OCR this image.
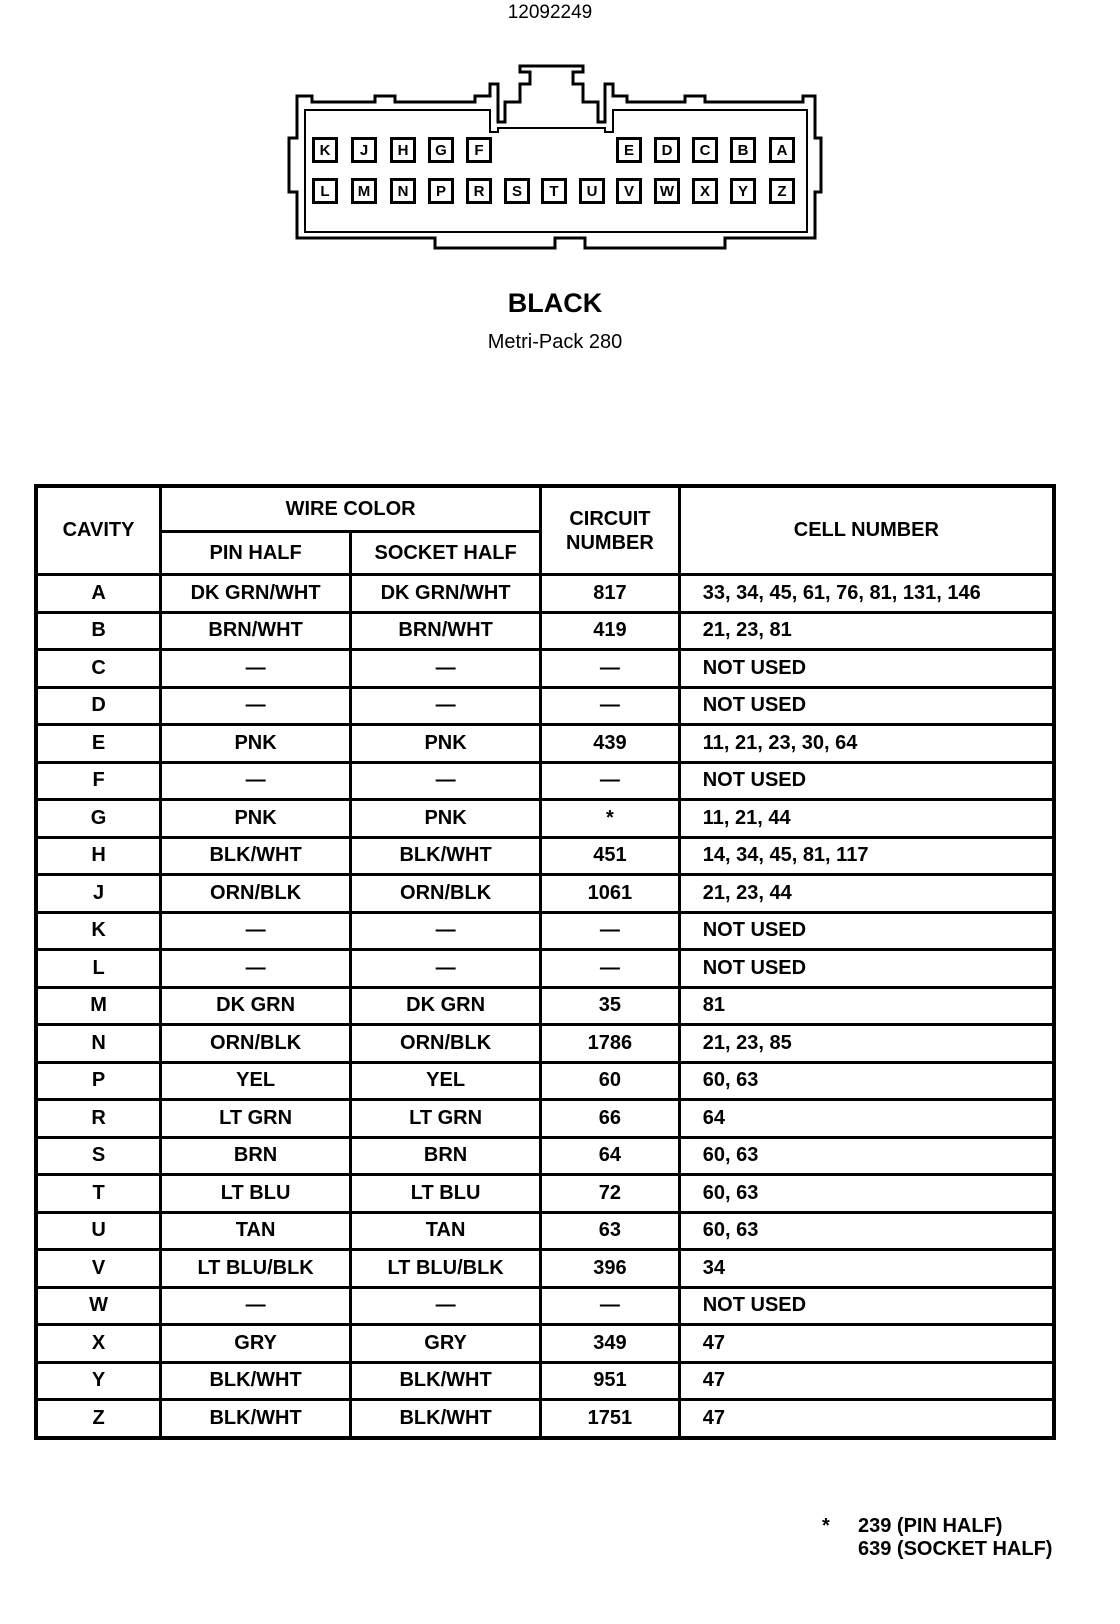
12092249
K	J	H	G	F	E	D	C	B	A
L	M	N	P	R	S	T	U	V	W	X	Y	Z
BLACK
Metri-Pack 280
CAVITY	WIRE COLOR		CIRCUIT NUMBER	CELL NUMBER
	PIN HALF	SOCKET HALF		
A	DK GRN/WHT	DK GRN/WHT	817	33, 34, 45, 61, 76, 81, 131, 146
B	BRN/WHT	BRN/WHT	419	21, 23, 81
C	—	—	—	NOT USED
D	—	—	—	NOT USED
E	PNK	PNK	439	11, 21, 23, 30, 64
F	—	—	—	NOT USED
G	PNK	PNK	*	11, 21, 44
H	BLK/WHT	BLK/WHT	451	14, 34, 45, 81, 117
J	ORN/BLK	ORN/BLK	1061	21, 23, 44
K	—	—	—	NOT USED
L	—	—	—	NOT USED
M	DK GRN	DK GRN	35	81
N	ORN/BLK	ORN/BLK	1786	21, 23, 85
P	YEL	YEL	60	60, 63
R	LT GRN	LT GRN	66	64
S	BRN	BRN	64	60, 63
T	LT BLU	LT BLU	72	60, 63
U	TAN	TAN	63	60, 63
V	LT BLU/BLK	LT BLU/BLK	396	34
W	—	—	—	NOT USED
X	GRY	GRY	349	47
Y	BLK/WHT	BLK/WHT	951	47
Z	BLK/WHT	BLK/WHT	1751	47
* 239 (PIN HALF)
639 (SOCKET HALF)
